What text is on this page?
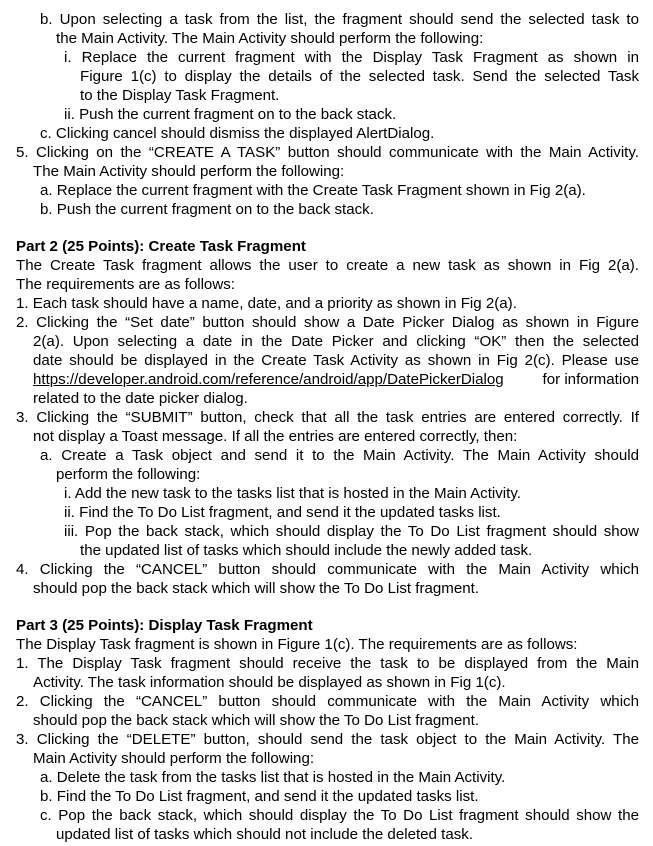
b. Upon selecting a task from the list, the fragment should send the selected task to
the Main Activity. The Main Activity should perform the following:
i. Replace the current fragment with the Display Task Fragment as shown in
Figure 1(c) to display the details of the selected task. Send the selected Task
to the Display Task Fragment.
ii. Push the current fragment on to the back stack.
c. Clicking cancel should dismiss the displayed AlertDialog.
5. Clicking on the “CREATE A TASK” button should communicate with the Main Activity.
The Main Activity should perform the following:
a. Replace the current fragment with the Create Task Fragment shown in Fig 2(a).
b. Push the current fragment on to the back stack.
Part 2 (25 Points): Create Task Fragment
The Create Task fragment allows the user to create a new task as shown in Fig 2(a).
The requirements are as follows:
1. Each task should have a name, date, and a priority as shown in Fig 2(a).
2. Clicking the “Set date” button should show a Date Picker Dialog as shown in Figure
2(a). Upon selecting a date in the Date Picker and clicking “OK” then the selected
date should be displayed in the Create Task Activity as shown in Fig 2(c). Please use
https://developer.android.com/reference/android/app/DatePickerDialog	for information
related to the date picker dialog.
3. Clicking the “SUBMIT” button, check that all the task entries are entered correctly. If
not display a Toast message. If all the entries are entered correctly, then:
a. Create a Task object and send it to the Main Activity. The Main Activity should
perform the following:
i. Add the new task to the tasks list that is hosted in the Main Activity.
ii. Find the To Do List fragment, and send it the updated tasks list.
iii. Pop the back stack, which should display the To Do List fragment should show
the updated list of tasks which should include the newly added task.
4. Clicking the “CANCEL” button should communicate with the Main Activity which
should pop the back stack which will show the To Do List fragment.
Part 3 (25 Points): Display Task Fragment
The Display Task fragment is shown in Figure 1(c). The requirements are as follows:
1. The Display Task fragment should receive the task to be displayed from the Main
Activity. The task information should be displayed as shown in Fig 1(c).
2. Clicking the “CANCEL” button should communicate with the Main Activity which
should pop the back stack which will show the To Do List fragment.
3. Clicking the “DELETE” button, should send the task object to the Main Activity. The
Main Activity should perform the following:
a. Delete the task from the tasks list that is hosted in the Main Activity.
b. Find the To Do List fragment, and send it the updated tasks list.
c. Pop the back stack, which should display the To Do List fragment should show the
updated list of tasks which should not include the deleted task.
